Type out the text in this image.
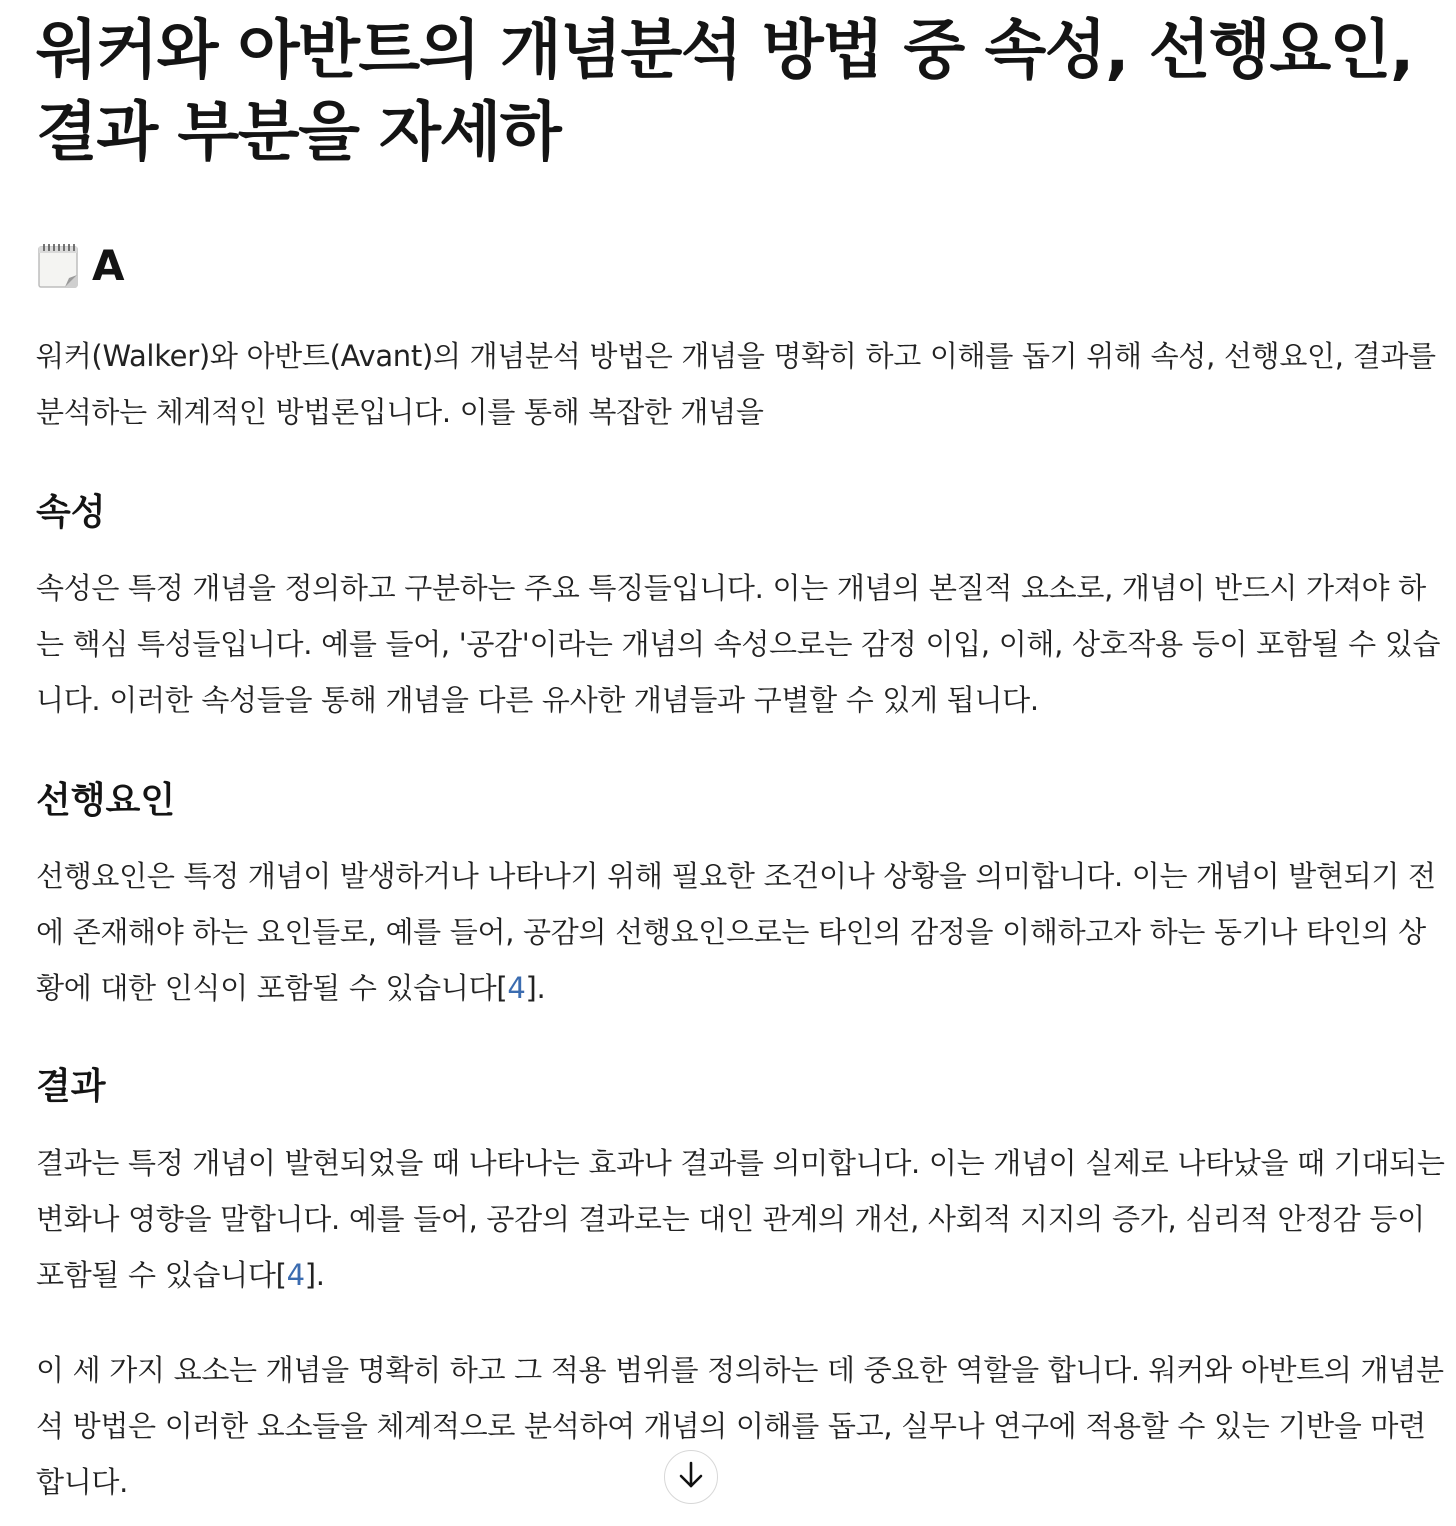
워커와 아반트의 개념분석 방법 중 속성, 선행요인, 결과 부분을 자세하
A

워커(Walker)와 아반트(Avant)의 개념분석 방법은 개념을 명확히 하고 이해를 돕기 위해 속성, 선행요인, 결과를 분석하는 체계적인 방법론입니다. 이를 통해 복잡한 개념을

속성

속성은 특정 개념을 정의하고 구분하는 주요 특징들입니다. 이는 개념의 본질적 요소로, 개념이 반드시 가져야 하는 핵심 특성들입니다. 예를 들어, '공감'이라는 개념의 속성으로는 감정 이입, 이해, 상호작용 등이 포함될 수 있습니다. 이러한 속성들을 통해 개념을 다른 유사한 개념들과 구별할 수 있게 됩니다.

선행요인

선행요인은 특정 개념이 발생하거나 나타나기 위해 필요한 조건이나 상황을 의미합니다. 이는 개념이 발현되기 전에 존재해야 하는 요인들로, 예를 들어, 공감의 선행요인으로는 타인의 감정을 이해하고자 하는 동기나 타인의 상황에 대한 인식이 포함될 수 있습니다[4].

결과

결과는 특정 개념이 발현되었을 때 나타나는 효과나 결과를 의미합니다. 이는 개념이 실제로 나타났을 때 기대되는 변화나 영향을 말합니다. 예를 들어, 공감의 결과로는 대인 관계의 개선, 사회적 지지의 증가, 심리적 안정감 등이 포함될 수 있습니다[4].

이 세 가지 요소는 개념을 명확히 하고 그 적용 범위를 정의하는 데 중요한 역할을 합니다. 워커와 아반트의 개념분석 방법은 이러한 요소들을 체계적으로 분석하여 개념의 이해를 돕고, 실무나 연구에 적용할 수 있는 기반을 마련합니다.
